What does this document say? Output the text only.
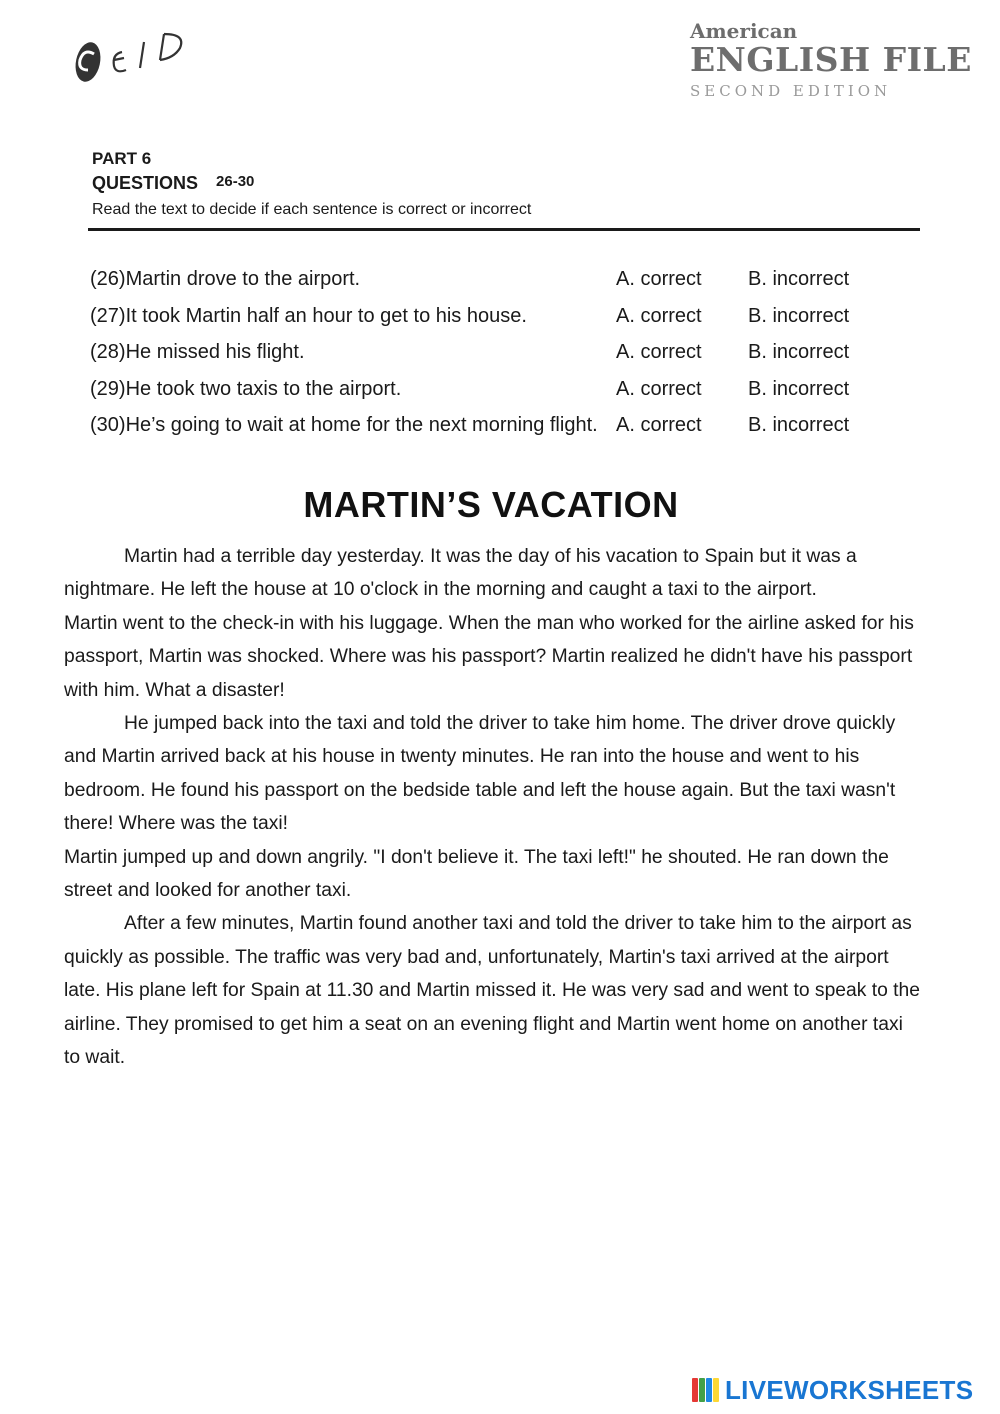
American
ENGLISH FILE
SECOND EDITION
PART 6
QUESTIONS 26-30
Read the text to decide if each sentence is correct or incorrect
(26)Martin drove to the airport.	A. correct B. incorrect
(27)It took Martin half an hour to get to his house.	A. correct B. incorrect
(28)He missed his flight.	A. correct B. incorrect
(29)He took two taxis to the airport.	A. correct B. incorrect
(30)He’s going to wait at home for the next morning flight. A. correct B. incorrect
MARTIN’S VACATION

Martin had a terrible day yesterday. It was the day of his vacation to Spain but it was a nightmare. He left the house at 10 o'clock in the morning and caught a taxi to the airport.

Martin went to the check-in with his luggage. When the man who worked for the airline asked for his passport, Martin was shocked. Where was his passport? Martin realized he didn't have his passport with him. What a disaster!

He jumped back into the taxi and told the driver to take him home. The driver drove quickly and Martin arrived back at his house in twenty minutes. He ran into the house and went to his bedroom. He found his passport on the bedside table and left the house again. But the taxi wasn't there! Where was the taxi!

Martin jumped up and down angrily. "I don't believe it. The taxi left!" he shouted. He ran down the street and looked for another taxi.

After a few minutes, Martin found another taxi and told the driver to take him to the airport as quickly as possible. The traffic was very bad and, unfortunately, Martin's taxi arrived at the airport late. His plane left for Spain at 11.30 and Martin missed it. He was very sad and went to speak to the airline. They promised to get him a seat on an evening flight and Martin went home on another taxi to wait.

LIVEWORKSHEETS
